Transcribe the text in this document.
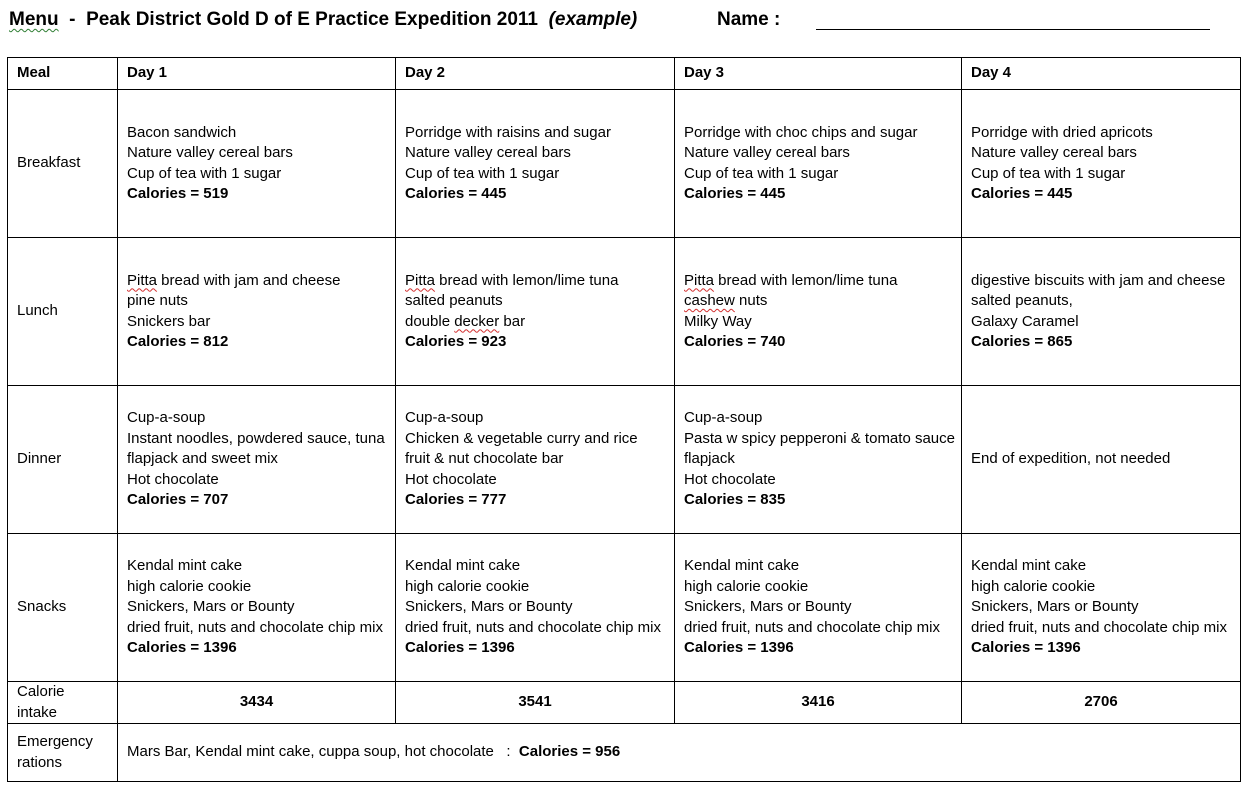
Menu  -  Peak District Gold D of E Practice Expedition 2011  (example)	Name :
Meal	Day 1	Day 2	Day 3	Day 4
Breakfast	Bacon sandwich
Nature valley cereal bars
Cup of tea with 1 sugar
Calories = 519	Porridge with raisins and sugar
Nature valley cereal bars
Cup of tea with 1 sugar
Calories = 445	Porridge with choc chips and sugar
Nature valley cereal bars
Cup of tea with 1 sugar
Calories = 445	Porridge with dried apricots
Nature valley cereal bars
Cup of tea with 1 sugar
Calories = 445

Lunch	Pitta bread with jam and cheese
pine nuts
Snickers bar
Calories = 812	Pitta bread with lemon/lime tuna
salted peanuts
double decker bar
Calories = 923	Pitta bread with lemon/lime tuna
cashew nuts
Milky Way
Calories = 740	digestive biscuits with jam and cheese
salted peanuts,
Galaxy Caramel
Calories = 865

Dinner	Cup-a-soup
Instant noodles, powdered sauce, tuna
flapjack and sweet mix
Hot chocolate
Calories = 707	Cup-a-soup
Chicken & vegetable curry and rice
fruit & nut chocolate bar
Hot chocolate
Calories = 777	Cup-a-soup
Pasta w spicy pepperoni & tomato sauce
flapjack
Hot chocolate
Calories = 835	End of expedition, not needed

Snacks	Kendal mint cake
high calorie cookie
Snickers, Mars or Bounty
dried fruit, nuts and chocolate chip mix
Calories = 1396	Kendal mint cake
high calorie cookie
Snickers, Mars or Bounty
dried fruit, nuts and chocolate chip mix
Calories = 1396	Kendal mint cake
high calorie cookie
Snickers, Mars or Bounty
dried fruit, nuts and chocolate chip mix
Calories = 1396	Kendal mint cake
high calorie cookie
Snickers, Mars or Bounty
dried fruit, nuts and chocolate chip mix
Calories = 1396

Calorie
intake	3434	3541	3416	2706

Emergency
rations	Mars Bar, Kendal mint cake, cuppa soup, hot chocolate   :  Calories = 956			
